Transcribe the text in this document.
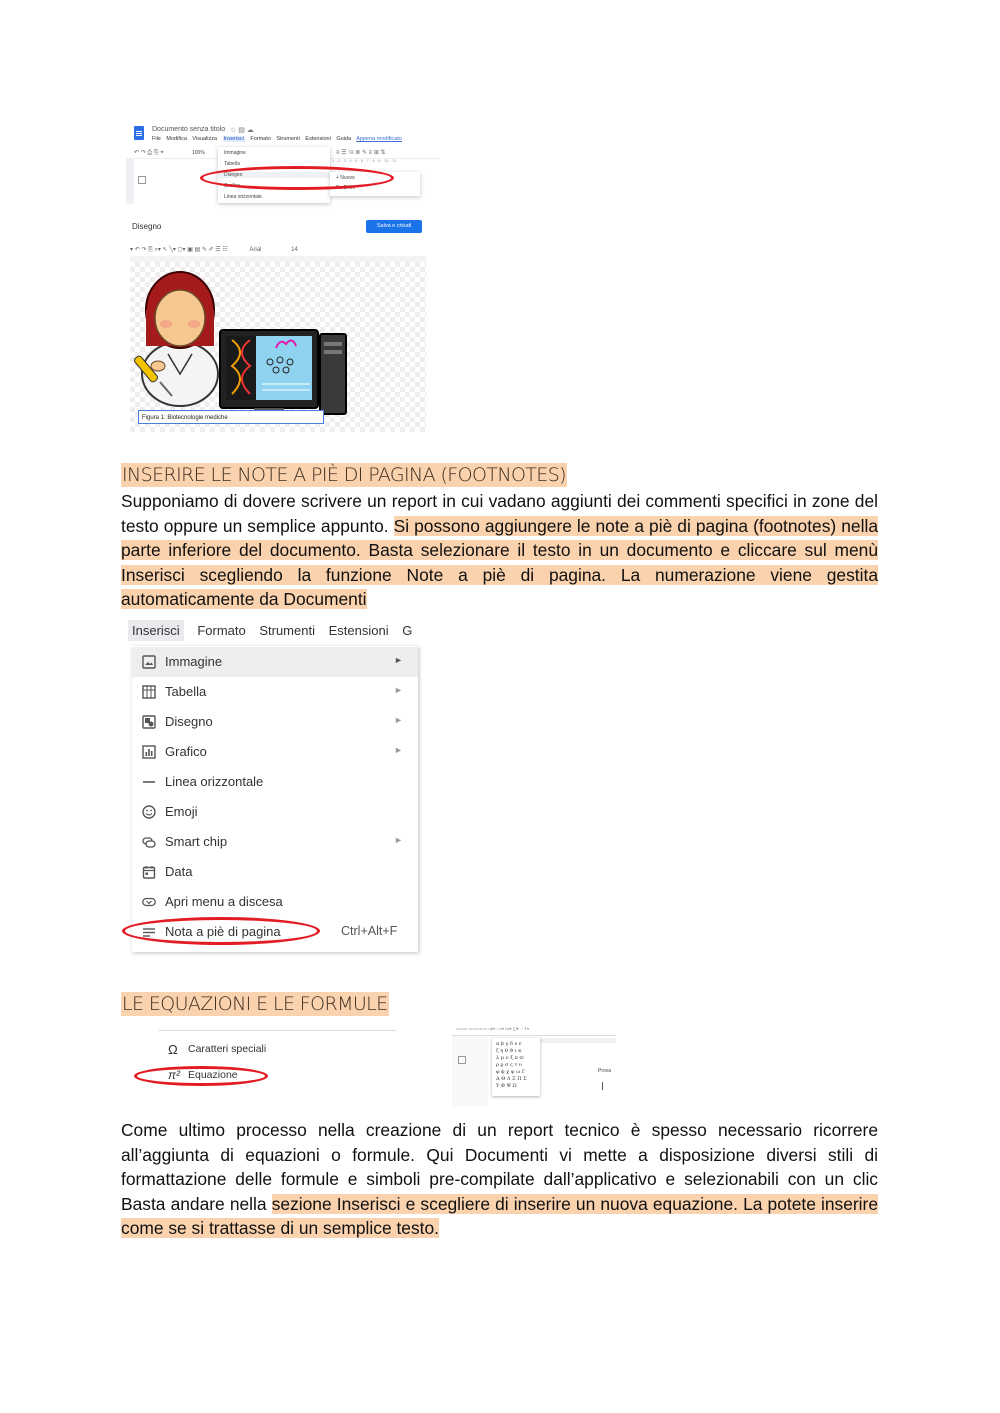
Documento senza titolo ☆ ▤ ☁
File Modifica Visualizza Inserisci Formato Strumenti Estensioni Guida Appena modificato
↶ ↷ ⎙ ⎘ ⌖	100%	≡ ☰ ⁝≡ ≣ ✎ ≡ ⊞ ⇅
1 · 2 · 3 · 4 · 5 · 6 · 7 · 8 · 9 · 10 · 11
Immagine
Tabella
Disegno
Grafico
Linea orizzontale
+ Nuovo
Da Drive
Disegno	Salva e chiudi
▾ ↶ ↷ ⎘ ⌕▾ ↖ ╲▾ ◻▾ ▣ ▤ ✎ ✐ ☰ ☷	Arial	14
Figura 1: Biotecnologie mediche
INSERIRE LE NOTE A PIÈ DI PAGINA (FOOTNOTES)
Supponiamo di dovere scrivere un report in cui vadano aggiunti dei commenti specifici in zone del testo oppure un semplice appunto. Si possono aggiungere le note a piè di pagina (footnotes) nella parte inferiore del documento. Basta selezionare il testo in un documento e cliccare sul menù Inserisci scegliendo la funzione Note a piè di pagina. La numerazione viene gestita automaticamente da Documenti
Inserisci Formato Strumenti Estensioni G
Immagine	►
Tabella	►
Disegno	►
Grafico	►
Linea orizzontale
Emoji
Smart chip	►
Data
Apri menu a discesa
Nota a piè di pagina	Ctrl+Alt+F
LE EQUAZIONI E LE FORMULE
Ω Caratteri speciali
π² Equazione
▭▭▭ ▭▭▭▭▭ αβ▾ ∩∪▾ ≤≠▾ ∑∫▾ ⇔⇑▾
α β γ δ ε ϵ
ζ η θ ϑ ι κ
λ μ ν ξ π ϖ
ρ ϱ σ ς τ υ
φ ϕ χ ψ ω Γ
Δ Θ Λ Ξ Π Σ
Υ Φ Ψ Ω
Prova
Come ultimo processo nella creazione di un report tecnico è spesso necessario ricorrere all’aggiunta di equazioni o formule. Qui Documenti vi mette a disposizione diversi stili di formattazione delle formule e simboli pre-compilate dall’applicativo e selezionabili con un clic Basta andare nella sezione Inserisci e scegliere di inserire un nuova equazione. La potete inserire come se si trattasse di un semplice testo.
